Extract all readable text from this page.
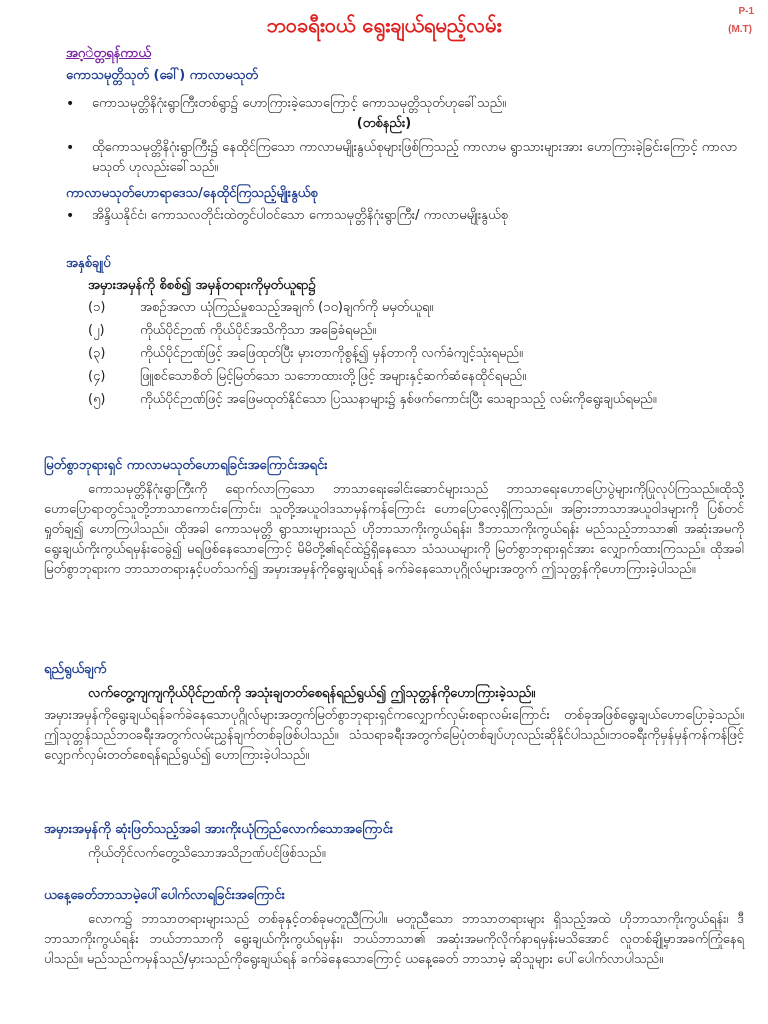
P-1
(M.T)
ဘဝခရီးဝယ် ရွေးချယ်ရမည့်လမ်း
အဂ့ဲတ္တရန်ကာယ်
ကောသမုတ္တိသုတ် (ခေါ်) ကာလာမသုတ်
•	ကောသမုတ္တိနိဂုံးရွာကြီးတစ်ရွာ၌ ဟောကြားခဲ့သောကြောင့် ကောသမုတ္တိသုတ်ဟုခေါ်သည်။
(တစ်နည်း)
•	ထိုကောသမုတ္တိနိဂုံးရွာကြီး၌ နေထိုင်ကြသော ကာလာမမျိုးနွယ်စုများဖြစ်ကြသည့် ကာလာမ ရွာသားများအား ဟောကြားခဲ့ခြင်းကြောင့် ကာလာမသုတ် ဟုလည်းခေါ်သည်။
ကာလာမသုတ်ဟောရာဒေသ/နေထိုင်ကြသည့်မျိုးနွယ်စု
•	အိန္ဒိယနိုင်ငံ၊ ကောသလတိုင်းထဲတွင်ပါဝင်သော ကောသမုတ္တိနိဂုံးရွာကြီး/ ကာလာမမျိုးနွယ်စု
အနှစ်ချုပ်
အမှားအမှန်ကို စိစစ်၍ အမှန်တရားကိုမှတ်ယူရာ၌
(၁)	အစဉ်အလာ ယုံကြည်မှုစသည့်အချက် (၁၀)ချက်ကို မမှတ်ယူရ။
(၂)	ကိုယ်ပိုင်ဉာဏ် ကိုယ်ပိုင်အသိကိုသာ အခြေခံရမည်။
(၃)	ကိုယ်ပိုင်ဉာဏ်ဖြင့် အဖြေထုတ်ပြီး မှားတာကိုစွန့်၍ မှန်တာကို လက်ခံကျင့်သုံးရမည်။
(၄)	ဖြူစင်သောစိတ် မြင့်မြတ်သော သဘောထားတို့ဖြင့် အများနှင့်ဆက်ဆံနေထိုင်ရမည်။
(၅)	ကိုယ်ပိုင်ဉာဏ်ဖြင့် အဖြေမထုတ်နိုင်သော ပြဿနာများ၌ နှစ်ဖက်ကောင်းပြီး သေချာသည့် လမ်းကိုရွေးချယ်ရမည်။
မြတ်စွာဘုရားရှင် ကာလာမသုတ်ဟောရခြင်းအကြောင်းအရင်း
ကောသမုတ္တိနိဂုံးရွာကြီးကို ရောက်လာကြသော ဘာသာရေးခေါင်းဆောင်များသည် ဘာသာရေးဟောပြောပွဲများကိုပြုလုပ်ကြသည်။ထိုသို့ဟောပြောရာတွင်သူတို့ဘာသာကောင်းကြောင်း၊ သူတို့အယူဝါဒသာမှန်ကန်ကြောင်း ဟောပြောလေ့ရှိကြသည်။ အခြားဘာသာအယူဝါဒများကို ပြစ်တင်ရှုတ်ချ၍ ဟောကြပါသည်။ ထိုအခါ ကောသမုတ္တိ ရွာသားများသည် ဟိုဘာသာကိုးကွယ်ရန်း၊ ဒီဘာသာကိုးကွယ်ရန်း မည်သည့်ဘာသာ၏ အဆုံးအမကို ရွေးချယ်ကိုးကွယ်ရမှန်းဝေခွဲ၍ မရဖြစ်နေသောကြောင့် မိမိတို့၏ရင်ထဲ၌ရှိနေသော သံသယများကို မြတ်စွာဘုရားရှင်အား လျှောက်ထားကြသည်။ ထိုအခါမြတ်စွာဘုရားက ဘာသာတရားနှင့်ပတ်သက်၍ အမှားအမှန်ကိုရွေးချယ်ရန် ခက်ခဲနေသောပုဂ္ဂိုလ်များအတွက် ဤသုတ္တန်ကိုဟောကြားခဲ့ပါသည်။
ရည်ရွယ်ချက်
လက်တွေ့ကျကျကိုယ်ပိုင်ဉာဏ်ကို အသုံးချတတ်စေရန်ရည်ရွယ်၍ ဤသုတ္တန်ကိုဟောကြားခဲ့သည်။
အမှားအမှန်ကိုရွေးချယ်ရန်ခက်ခဲနေသောပုဂ္ဂိုလ်များအတွက်မြတ်စွာဘုရားရှင်ကလျှောက်လှမ်းစရာလမ်းကြောင်း တစ်ခုအဖြစ်ရွေးချယ်ဟောပြောခဲ့သည်။ဤသုတ္တန်သည်ဘဝခရီးအတွက်လမ်းညွှန်ချက်တစ်ခုဖြစ်ပါသည်။ သံသရာခရီးအတွက်မြေပုံတစ်ချပ်ဟုလည်းဆိုနိုင်ပါသည်။ဘဝခရီးကိုမှန်မှန်ကန်ကန်ဖြင့်လျှောက်လှမ်းတတ်စေရန်ရည်ရွယ်၍ ဟောကြားခဲ့ပါသည်။
အမှားအမှန်ကို ဆုံးဖြတ်သည့်အခါ အားကိုးယုံကြည်လောက်သောအကြောင်း
ကိုယ်တိုင်လက်တွေ့သိသောအသိဉာဏ်ပင်ဖြစ်သည်။
ယနေ့ခေတ်ဘာသာမဲ့ပေါ်ပေါက်လာရခြင်းအကြောင်း
လောက၌ ဘာသာတရားများသည် တစ်ခုနှင့်တစ်ခုမတူညီကြပါ။ မတူညီသော ဘာသာတရားများ ရှိသည့်အထဲ ဟိုဘာသာကိုးကွယ်ရန်း၊ ဒီဘာသာကိုးကွယ်ရန်း ဘယ်ဘာသာကို ရွေးချယ်ကိုးကွယ်ရမှန်း၊ ဘယ်ဘာသာ၏ အဆုံးအမကိုလိုက်နာရမှန်းမသိအောင် လူတစ်ချို့မှာအခက်ကြုံနေရပါသည်။ မည်သည်ကမှန်သည်/မှားသည်ကိုရွေးချယ်ရန် ခက်ခဲနေသောကြောင့် ယနေ့ခေတ် ဘာသာမဲ့ ဆိုသူများ ပေါ်ပေါက်လာပါသည်။
